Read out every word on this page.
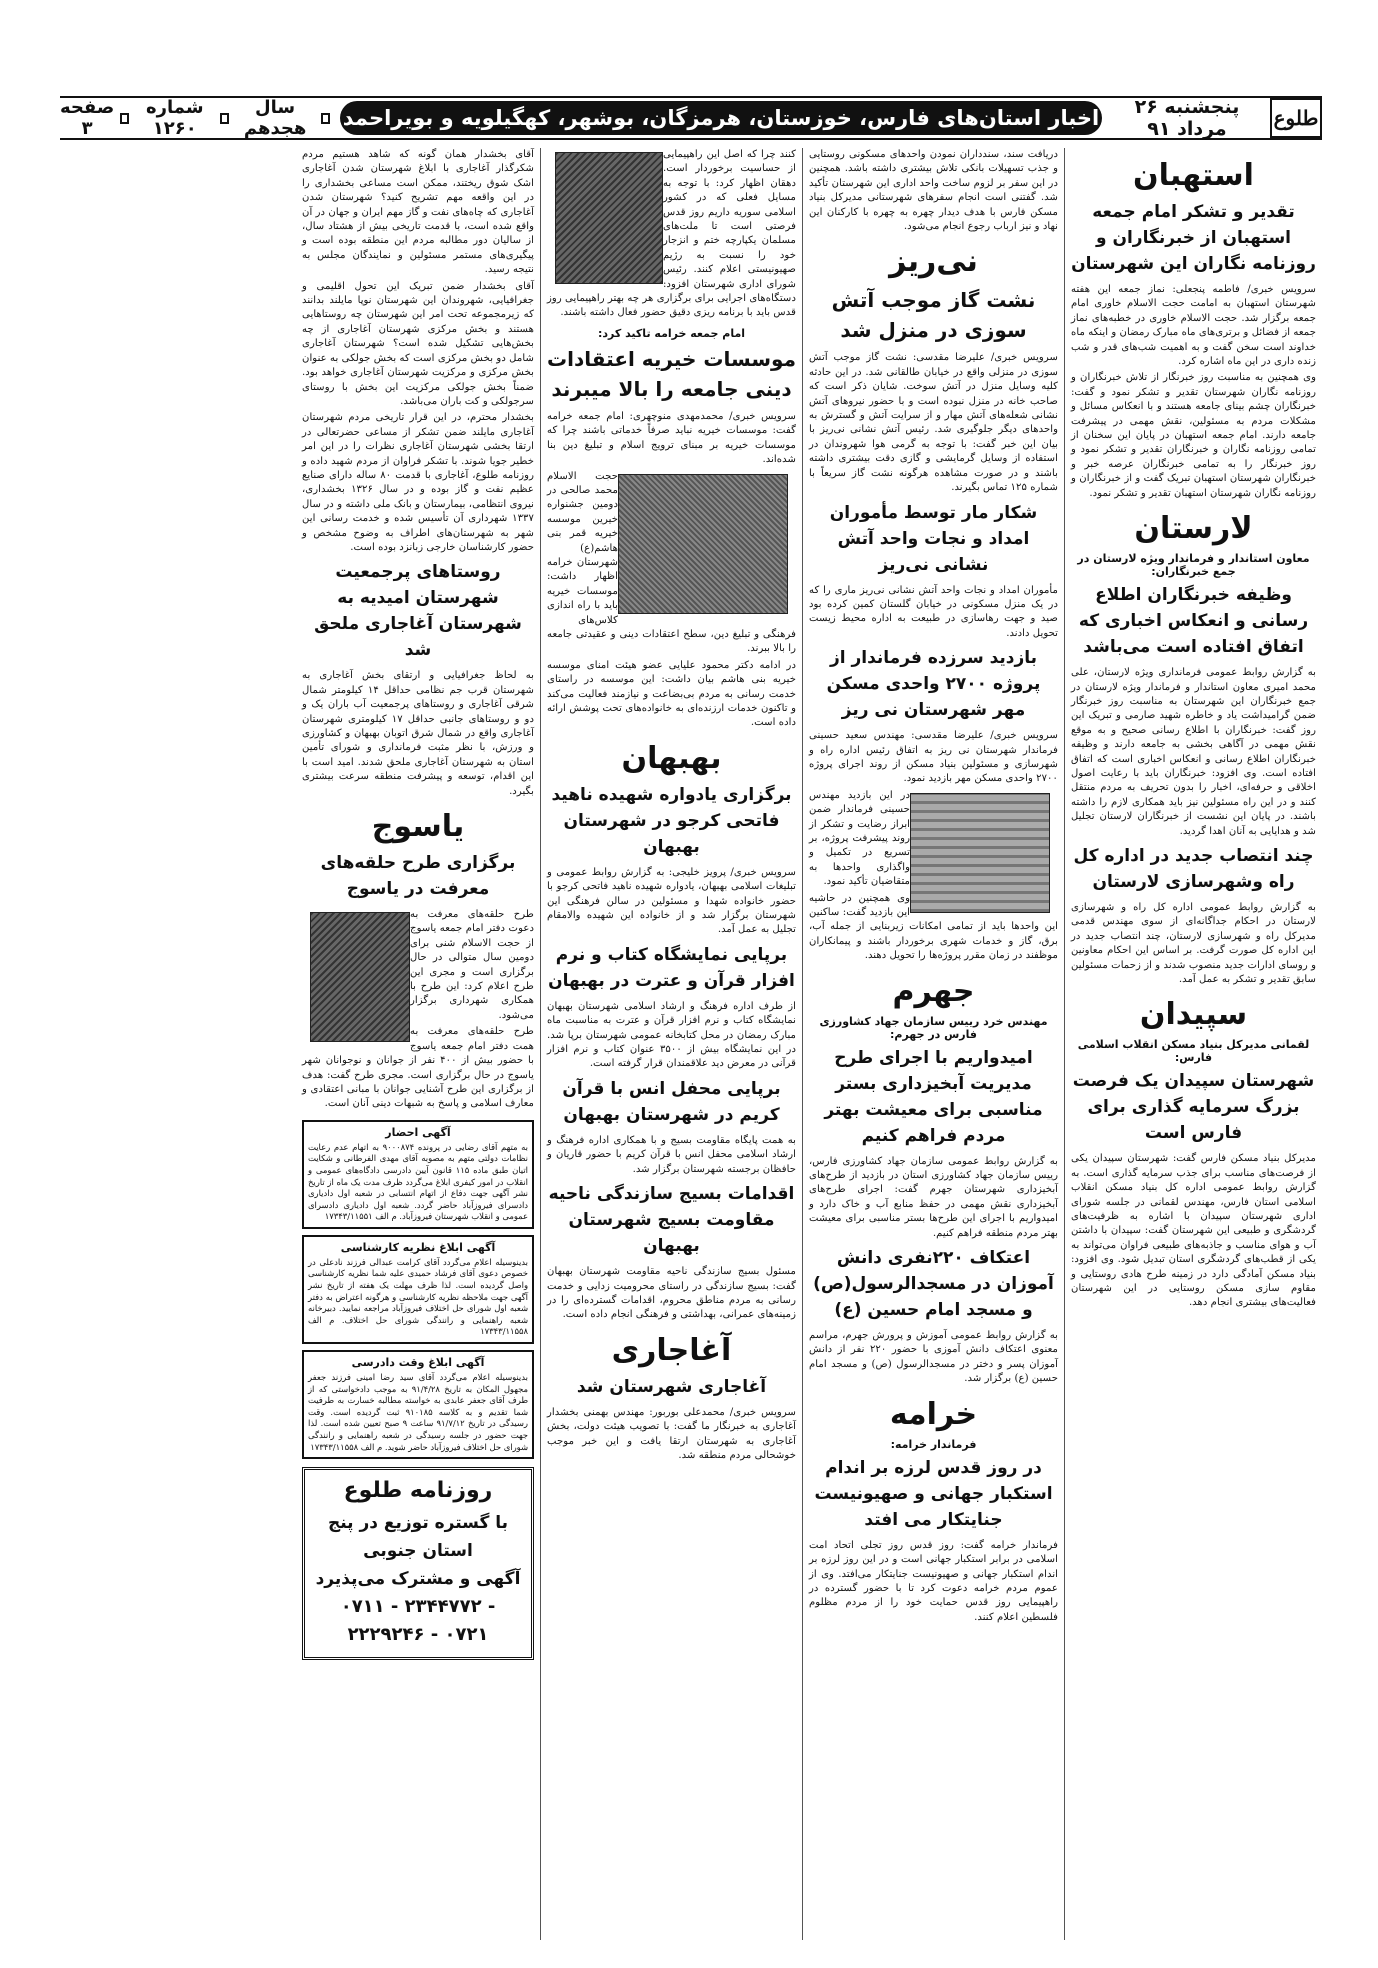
طلوع
پنجشنبه ۲۶ مرداد ۹۱
اخبار استان‌های فارس، خوزستان، هرمزگان، بوشهر، کهگیلویه و بویراحمد
سال هجدهم
شماره ۱۲۶۰
صفحه ۳
استهبان
تقدیر و تشکر امام جمعه استهبان از خبرنگاران و روزنامه نگاران این شهرستان

سرویس خبری/ فاطمه پنجعلی: نماز جمعه این هفته شهرستان استهبان به امامت حجت الاسلام خاوری امام جمعه برگزار شد. حجت الاسلام خاوری در خطبه‌های نماز جمعه از فضائل و برتری‌های ماه مبارک رمضان و اینکه ماه خداوند است سخن گفت و به اهمیت شب‌های قدر و شب زنده داری در این ماه اشاره کرد.

وی همچنین به مناسبت روز خبرنگار از تلاش خبرنگاران و روزنامه نگاران شهرستان تقدیر و تشکر نمود و گفت: خبرنگاران چشم بینای جامعه هستند و با انعکاس مسائل و مشکلات مردم به مسئولین، نقش مهمی در پیشرفت جامعه دارند. امام جمعه استهبان در پایان این سخنان از تمامی روزنامه نگاران و خبرنگاران تقدیر و تشکر نمود و روز خبرنگار را به تمامی خبرنگاران عرصه خبر و خبرنگاران شهرستان استهبان تبریک گفت و از خبرنگاران و روزنامه نگاران شهرستان استهبان تقدیر و تشکر نمود.

لارستان
معاون استاندار و فرماندار ویژه لارستان در جمع خبرنگاران:
وظیفه خبرنگاران اطلاع رسانی و انعکاس اخباری که اتفاق افتاده است می‌باشد

به گزارش روابط عمومی فرمانداری ویژه لارستان، علی محمد امیری معاون استاندار و فرماندار ویژه لارستان در جمع خبرنگاران این شهرستان به مناسبت روز خبرنگار ضمن گرامیداشت یاد و خاطره شهید صارمی و تبریک این روز گفت: خبرنگاران با اطلاع رسانی صحیح و به موقع نقش مهمی در آگاهی بخشی به جامعه دارند و وظیفه خبرنگاران اطلاع رسانی و انعکاس اخباری است که اتفاق افتاده است. وی افزود: خبرنگاران باید با رعایت اصول اخلاقی و حرفه‌ای، اخبار را بدون تحریف به مردم منتقل کنند و در این راه مسئولین نیز باید همکاری لازم را داشته باشند. در پایان این نشست از خبرنگاران لارستان تجلیل شد و هدایایی به آنان اهدا گردید.

چند انتصاب جدید در اداره کل راه وشهرسازی لارستان

به گزارش روابط عمومی اداره کل راه و شهرسازی لارستان در احکام جداگانه‌ای از سوی مهندس قدمی مدیرکل راه و شهرسازی لارستان، چند انتصاب جدید در این اداره کل صورت گرفت. بر اساس این احکام معاونین و روسای ادارات جدید منصوب شدند و از زحمات مسئولین سابق تقدیر و تشکر به عمل آمد.

سپیدان
لقمانی مدیرکل بنیاد مسکن انقلاب اسلامی فارس:
شهرستان سپیدان یک فرصت بزرگ سرمایه گذاری برای فارس است

مدیرکل بنیاد مسکن فارس گفت: شهرستان سپیدان یکی از فرصت‌های مناسب برای جذب سرمایه گذاری است. به گزارش روابط عمومی اداره کل بنیاد مسکن انقلاب اسلامی استان فارس، مهندس لقمانی در جلسه شورای اداری شهرستان سپیدان با اشاره به ظرفیت‌های گردشگری و طبیعی این شهرستان گفت: سپیدان با داشتن آب و هوای مناسب و جاذبه‌های طبیعی فراوان می‌تواند به یکی از قطب‌های گردشگری استان تبدیل شود. وی افزود: بنیاد مسکن آمادگی دارد در زمینه طرح هادی روستایی و مقاوم سازی مسکن روستایی در این شهرستان فعالیت‌های بیشتری انجام دهد.

دریافت سند، سندداران نمودن واحدهای مسکونی روستایی و جذب تسهیلات بانکی تلاش بیشتری داشته باشد. همچنین در این سفر بر لزوم ساخت واحد اداری این شهرستان تأکید شد. گفتنی است انجام سفرهای شهرستانی مدیرکل بنیاد مسکن فارس با هدف دیدار چهره به چهره با کارکنان این نهاد و نیز ارباب رجوع انجام می‌شود.

نی‌ریز
نشت گاز موجب آتش سوزی در منزل شد

سرویس خبری/ علیرضا مقدسی: نشت گاز موجب آتش سوزی در منزلی واقع در خیابان طالقانی شد. در این حادثه کلیه وسایل منزل در آتش سوخت. شایان ذکر است که صاحب خانه در منزل نبوده است و با حضور نیروهای آتش نشانی شعله‌های آتش مهار و از سرایت آتش و گسترش به واحدهای دیگر جلوگیری شد. رئیس آتش نشانی نی‌ریز با بیان این خبر گفت: با توجه به گرمی هوا شهروندان در استفاده از وسایل گرمایشی و گازی دقت بیشتری داشته باشند و در صورت مشاهده هرگونه نشت گاز سریعاً با شماره ۱۲۵ تماس بگیرند.

شکار مار توسط مأموران امداد و نجات واحد آتش نشانی نی‌ریز

مأموران امداد و نجات واحد آتش نشانی نی‌ریز ماری را که در یک منزل مسکونی در خیابان گلستان کمین کرده بود صید و جهت رهاسازی در طبیعت به اداره محیط زیست تحویل دادند.

بازدید سرزده فرماندار از پروژه ۲۷۰۰ واحدی مسکن مهر شهرستان نی ریز

سرویس خبری/ علیرضا مقدسی: مهندس سعید حسینی فرماندار شهرستان نی ریز به اتفاق رئیس اداره راه و شهرسازی و مسئولین بنیاد مسکن از روند اجرای پروژه ۲۷۰۰ واحدی مسکن مهر بازدید نمود.

در این بازدید مهندس حسینی فرماندار ضمن ابراز رضایت و تشکر از روند پیشرفت پروژه، بر تسریع در تکمیل و واگذاری واحدها به متقاضیان تأکید نمود.

وی همچنین در حاشیه این بازدید گفت: ساکنین این واحدها باید از تمامی امکانات زیربنایی از جمله آب، برق، گاز و خدمات شهری برخوردار باشند و پیمانکاران موظفند در زمان مقرر پروژه‌ها را تحویل دهند.

جهرم
مهندس خرد رییس سازمان جهاد کشاورزی فارس در جهرم:
امیدواریم با اجرای طرح مدیریت آبخیزداری بستر مناسبی برای معیشت بهتر مردم فراهم کنیم

به گزارش روابط عمومی سازمان جهاد کشاورزی فارس، رییس سازمان جهاد کشاورزی استان در بازدید از طرح‌های آبخیزداری شهرستان جهرم گفت: اجرای طرح‌های آبخیزداری نقش مهمی در حفظ منابع آب و خاک دارد و امیدواریم با اجرای این طرح‌ها بستر مناسبی برای معیشت بهتر مردم منطقه فراهم کنیم.

اعتکاف ۲۲۰نفری دانش آموزان در مسجدالرسول(ص) و مسجد امام حسین (ع)

به گزارش روابط عمومی آموزش و پرورش جهرم، مراسم معنوی اعتکاف دانش آموزی با حضور ۲۲۰ نفر از دانش آموزان پسر و دختر در مسجدالرسول (ص) و مسجد امام حسین (ع) برگزار شد.

خرامه
فرماندار خرامه:
در روز قدس لرزه بر اندام استکبار جهانی و صهیونیست جنایتکار می افتد

فرماندار خرامه گفت: روز قدس روز تجلی اتحاد امت اسلامی در برابر استکبار جهانی است و در این روز لرزه بر اندام استکبار جهانی و صهیونیست جنایتکار می‌افتد. وی از عموم مردم خرامه دعوت کرد تا با حضور گسترده در راهپیمایی روز قدس حمایت خود را از مردم مظلوم فلسطین اعلام کنند.

کنند چرا که اصل این راهپیمایی از حساسیت برخوردار است. دهقان اظهار کرد: با توجه به مسایل فعلی که در کشور اسلامی سوریه داریم روز قدس فرصتی است تا ملت‌های مسلمان یکپارچه ختم و انزجار خود را نسبت به رژیم صهیونیستی اعلام کنند. رئیس شورای اداری شهرستان افزود: دستگاه‌های اجرایی برای برگزاری هر چه بهتر راهپیمایی روز قدس باید با برنامه ریزی دقیق حضور فعال داشته باشند.

امام جمعه خرامه تاکید کرد:
موسسات خیریه اعتقادات دینی جامعه را بالا میبرند

سرویس خبری/ محمدمهدی منوچهری: امام جمعه خرامه گفت: موسسات خیریه نباید صرفاً خدماتی باشند چرا که موسسات خیریه بر مبنای ترویج اسلام و تبلیغ دین بنا شده‌اند.

حجت الاسلام محمد صالحی در دومین جشنواره خیرین موسسه خیریه قمر بنی هاشم(ع) شهرستان خرامه اظهار داشت: موسسات خیریه باید با راه اندازی کلاس‌های فرهنگی و تبلیغ دین، سطح اعتقادات دینی و عقیدتی جامعه را بالا ببرند.

در ادامه دکتر محمود علیایی عضو هیئت امنای موسسه خیریه بنی هاشم بیان داشت: این موسسه در راستای خدمت رسانی به مردم بی‌بضاعت و نیازمند فعالیت می‌کند و تاکنون خدمات ارزنده‌ای به خانواده‌های تحت پوشش ارائه داده است.

بهبهان
برگزاری یادواره شهیده ناهید فاتحی کرجو در شهرستان بهبهان

سرویس خبری/ پرویز خلیجی: به گزارش روابط عمومی و تبلیغات اسلامی بهبهان، یادواره شهیده ناهید فاتحی کرجو با حضور خانواده شهدا و مسئولین در سالن فرهنگی این شهرستان برگزار شد و از خانواده این شهیده والامقام تجلیل به عمل آمد.

برپایی نمایشگاه کتاب و نرم افزار قرآن و عترت در بهبهان

از طرف اداره فرهنگ و ارشاد اسلامی شهرستان بهبهان نمایشگاه کتاب و نرم افزار قرآن و عترت به مناسبت ماه مبارک رمضان در محل کتابخانه عمومی شهرستان برپا شد. در این نمایشگاه بیش از ۳۵۰۰ عنوان کتاب و نرم افزار قرآنی در معرض دید علاقمندان قرار گرفته است.

برپایی محفل انس با قرآن کریم در شهرستان بهبهان

به همت پایگاه مقاومت بسیج و با همکاری اداره فرهنگ و ارشاد اسلامی محفل انس با قرآن کریم با حضور قاریان و حافظان برجسته شهرستان برگزار شد.

اقدامات بسیج سازندگی ناحیه مقاومت بسیج شهرستان بهبهان

مسئول بسیج سازندگی ناحیه مقاومت شهرستان بهبهان گفت: بسیج سازندگی در راستای محرومیت زدایی و خدمت رسانی به مردم مناطق محروم، اقدامات گسترده‌ای را در زمینه‌های عمرانی، بهداشتی و فرهنگی انجام داده است.

آغاجاری
آغاجاری شهرستان شد

سرویس خبری/ محمدعلی بوربور: مهندس بهمنی بخشدار آغاجاری به خبرنگار ما گفت: با تصویب هیئت دولت، بخش آغاجاری به شهرستان ارتقا یافت و این خبر موجب خوشحالی مردم منطقه شد.

آقای بخشدار همان گونه که شاهد هستیم مردم شکرگذار آغاجاری با ابلاغ شهرستان شدن آغاجاری اشک شوق ریختند، ممکن است مساعی بخشداری را در این واقعه مهم تشریح کنید؟ شهرستان شدن آغاجاری که چاه‌های نفت و گاز مهم ایران و جهان در آن واقع شده است، با قدمت تاریخی بیش از هشتاد سال، از سالیان دور مطالبه مردم این منطقه بوده است و پیگیری‌های مستمر مسئولین و نمایندگان مجلس به نتیجه رسید.

آقای بخشدار ضمن تبریک این تحول اقلیمی و جغرافیایی، شهروندان این شهرستان نوپا مایلند بدانند که زیرمجموعه تحت امر این شهرستان چه روستاهایی هستند و بخش مرکزی شهرستان آغاجاری از چه بخش‌هایی تشکیل شده است؟ شهرستان آغاجاری شامل دو بخش مرکزی است که بخش جولکی به عنوان بخش مرکزی و مرکزیت شهرستان آغاجاری خواهد بود. ضمناً بخش جولکی مرکزیت این بخش با روستای سرجولکی و کت باران می‌باشد.

بخشدار محترم، در این قرار تاریخی مردم شهرستان آغاجاری مایلند ضمن تشکر از مساعی حضرتعالی در ارتقا بخشی شهرستان آغاجاری نظرات را در این امر خطیر جویا شوند. با تشکر فراوان از مردم شهید داده و روزنامه طلوع، آغاجاری با قدمت ۸۰ ساله دارای صنایع عظیم نفت و گاز بوده و در سال ۱۳۲۶ بخشداری، نیروی انتظامی، بیمارستان و بانک ملی داشته و در سال ۱۳۳۷ شهرداری آن تأسیس شده و خدمت رسانی این شهر به شهرستان‌های اطراف به وضوح مشخص و حضور کارشناسان خارجی زبانزد بوده است.

روستاهای پرجمعیت شهرستان امیدیه به شهرستان آغاجاری ملحق شد

به لحاظ جغرافیایی و ارتقای بخش آغاجاری به شهرستان قرب جم نظامی حداقل ۱۴ کیلومتر شمال شرقی آغاجاری و روستاهای پرجمعیت آب باران یک و دو و روستاهای جانبی حداقل ۱۷ کیلومتری شهرستان آغاجاری واقع در شمال شرق اتوبان بهبهان و کشاورزی و ورزش، با نظر مثبت فرمانداری و شورای تأمین استان به شهرستان آغاجاری ملحق شدند. امید است با این اقدام، توسعه و پیشرفت منطقه سرعت بیشتری بگیرد.

یاسوج
برگزاری طرح حلقه‌های معرفت در یاسوج

طرح حلقه‌های معرفت به دعوت دفتر امام جمعه یاسوج از حجت الاسلام شنی برای دومین سال متوالی در حال برگزاری است و مجری این طرح اعلام کرد: این طرح با همکاری شهرداری برگزار می‌شود.

طرح حلقه‌های معرفت به همت دفتر امام جمعه یاسوج با حضور بیش از ۴۰۰ نفر از جوانان و نوجوانان شهر یاسوج در حال برگزاری است. مجری طرح گفت: هدف از برگزاری این طرح آشنایی جوانان با مبانی اعتقادی و معارف اسلامی و پاسخ به شبهات دینی آنان است.

آگهی احضار

به متهم آقای رضایی در پرونده ۹۰۰۰۸۷۴ به اتهام عدم رعایت نظامات دولتی متهم به مصوبه آقای مهدی الفرطانی و شکایت اتیان طبق ماده ۱۱۵ قانون آیین دادرسی دادگاه‌های عمومی و انقلاب در امور کیفری ابلاغ می‌گردد ظرف مدت یک ماه از تاریخ نشر آگهی جهت دفاع از اتهام انتسابی در شعبه اول دادیاری دادسرای فیروزآباد حاضر گردد. شعبه اول دادیاری دادسرای عمومی و انقلاب شهرستان فیروزآباد. م الف ۱۷۳۴۳/۱۱۵۵۱

آگهی ابلاغ نظریه کارشناسی

بدینوسیله اعلام می‌گردد آقای کرامت عبدالی فرزند نادعلی در خصوص دعوی آقای فرشاد حمیدی علیه شما نظریه کارشناسی واصل گردیده است. لذا ظرف مهلت یک هفته از تاریخ نشر آگهی جهت ملاحظه نظریه کارشناسی و هرگونه اعتراض به دفتر شعبه اول شورای حل اختلاف فیروزآباد مراجعه نمایید. دبیرخانه شعبه راهنمایی و رانندگی شورای حل اختلاف. م الف ۱۷۳۴۳/۱۱۵۵۸

آگهی ابلاغ وقت دادرسی

بدینوسیله اعلام می‌گردد آقای سید رضا امینی فرزند جعفر مجهول المکان به تاریخ ۹۱/۴/۲۸ به موجب دادخواستی که از طرف آقای جعفر عابدی به خواسته مطالبه خسارت به طرفیت شما تقدیم و به کلاسه ۹۱۰۱۸۵ ثبت گردیده است. وقت رسیدگی در تاریخ ۹۱/۷/۱۲ ساعت ۹ صبح تعیین شده است. لذا جهت حضور در جلسه رسیدگی در شعبه راهنمایی و رانندگی شورای حل اختلاف فیروزآباد حاضر شوید. م الف ۱۷۳۴۳/۱۱۵۵۸

روزنامه طلوع
با گستره توزیع در پنج استان جنوبی
آگهی و مشترک می‌پذیرد
۰۷۱۱ - ۲۳۴۴۷۷۲ - ۲۲۲۹۲۴۶ - ۰۷۲۱
